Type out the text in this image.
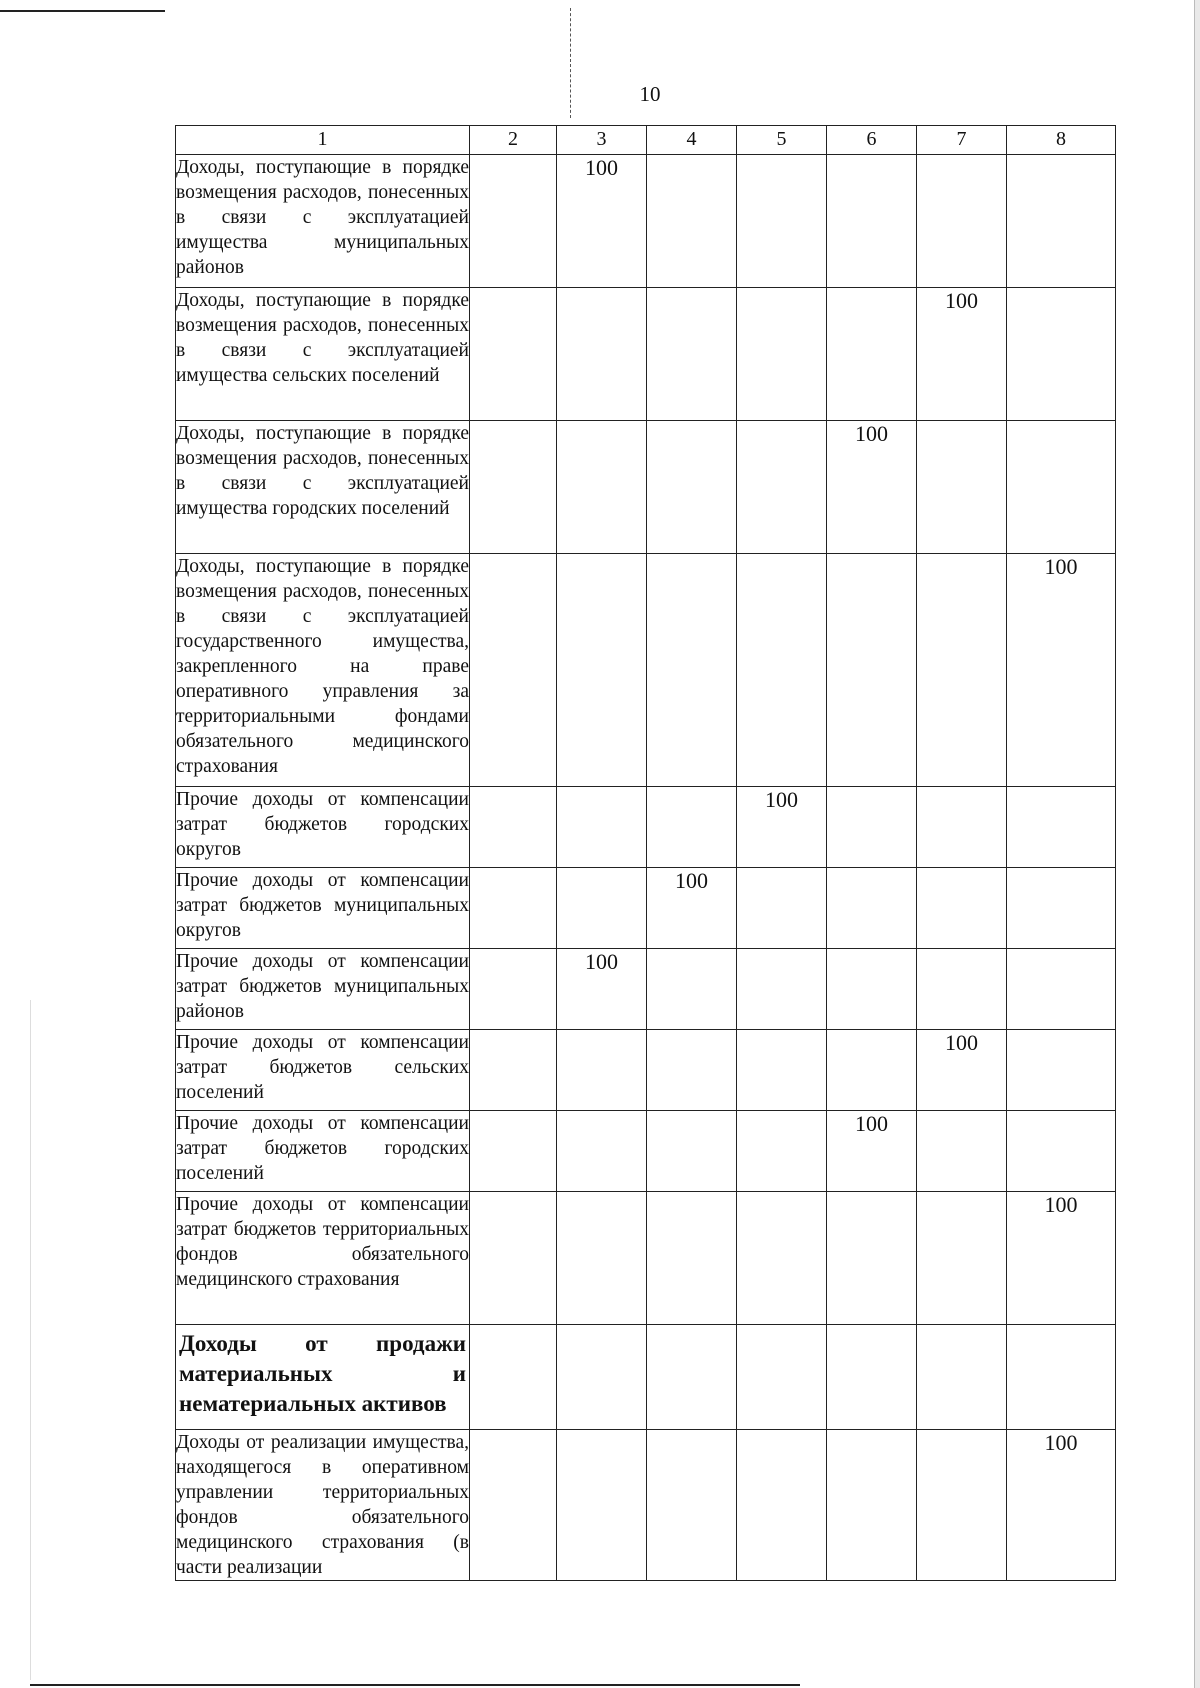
10
1	2	3	4	5	6	7	8
Доходы, поступающие в порядке возмещения расходов, понесенных в связи с эксплуатацией имущества муниципальных районов		100					
Доходы, поступающие в порядке возмещения расходов, понесенных в связи с эксплуатацией имущества сельских поселений						100	
Доходы, поступающие в порядке возмещения расходов, понесенных в связи с эксплуатацией имущества городских поселений					100		
Доходы, поступающие в порядке возмещения расходов, понесенных в связи с эксплуатацией государственного имущества, закрепленного на праве оперативного управления за территориальными фондами обязательного медицинского страхования							100
Прочие доходы от компенсации затрат бюджетов городских округов				100			
Прочие доходы от компенсации затрат бюджетов муниципальных округов			100				
Прочие доходы от компенсации затрат бюджетов муниципальных районов		100					
Прочие доходы от компенсации затрат бюджетов сельских поселений						100	
Прочие доходы от компенсации затрат бюджетов городских поселений					100		
Прочие доходы от компенсации затрат бюджетов территориальных фондов обязательного медицинского страхования							100
Доходы от продажи материальных и нематериальных активов							
Доходы от реализации имущества, находящегося в оперативном управлении территориальных фондов обязательного медицинского страхования (в части реализации							100
